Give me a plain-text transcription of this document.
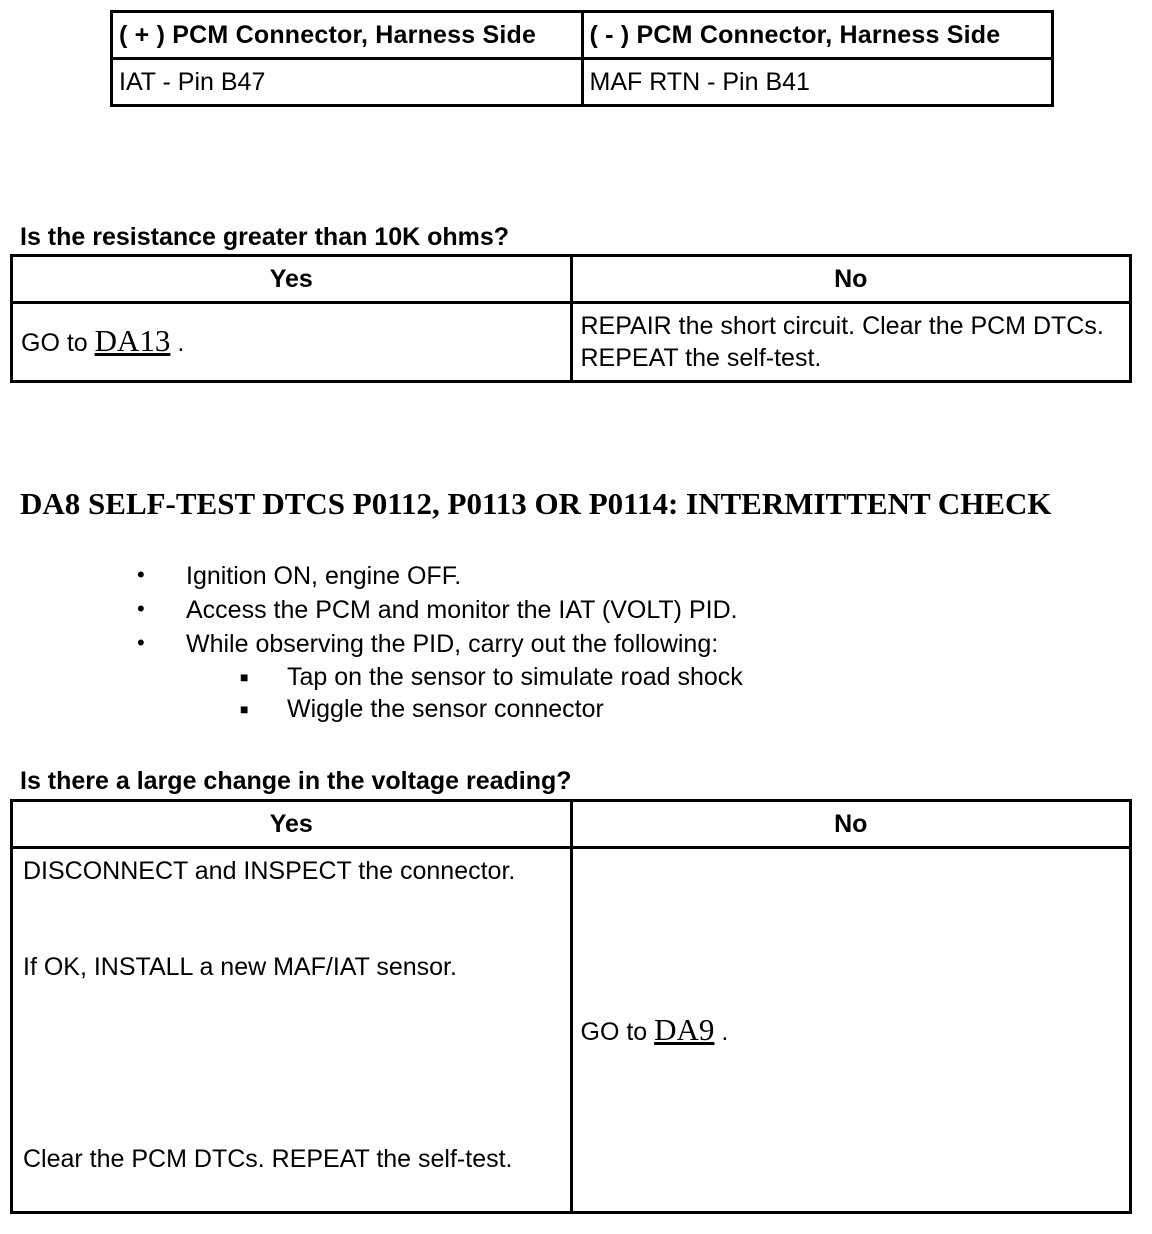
( + ) PCM Connector, Harness Side	( - ) PCM Connector, Harness Side
IAT - Pin B47	MAF RTN - Pin B41
Is the resistance greater than 10K ohms?
Yes	No
GO to DA13 .	REPAIR the short circuit. Clear the PCM DTCs. REPEAT the self-test.
DA8 SELF-TEST DTCS P0112, P0113 OR P0114: INTERMITTENT CHECK
• Ignition ON, engine OFF.
• Access the PCM and monitor the IAT (VOLT) PID.
• While observing the PID, carry out the following:
■ Tap on the sensor to simulate road shock
■ Wiggle the sensor connector
Is there a large change in the voltage reading?
Yes	No

DISCONNECT and INSPECT the connector.
If OK, INSTALL a new MAF/IAT sensor.
Clear the PCM DTCs. REPEAT the self-test.	GO to DA9 .
